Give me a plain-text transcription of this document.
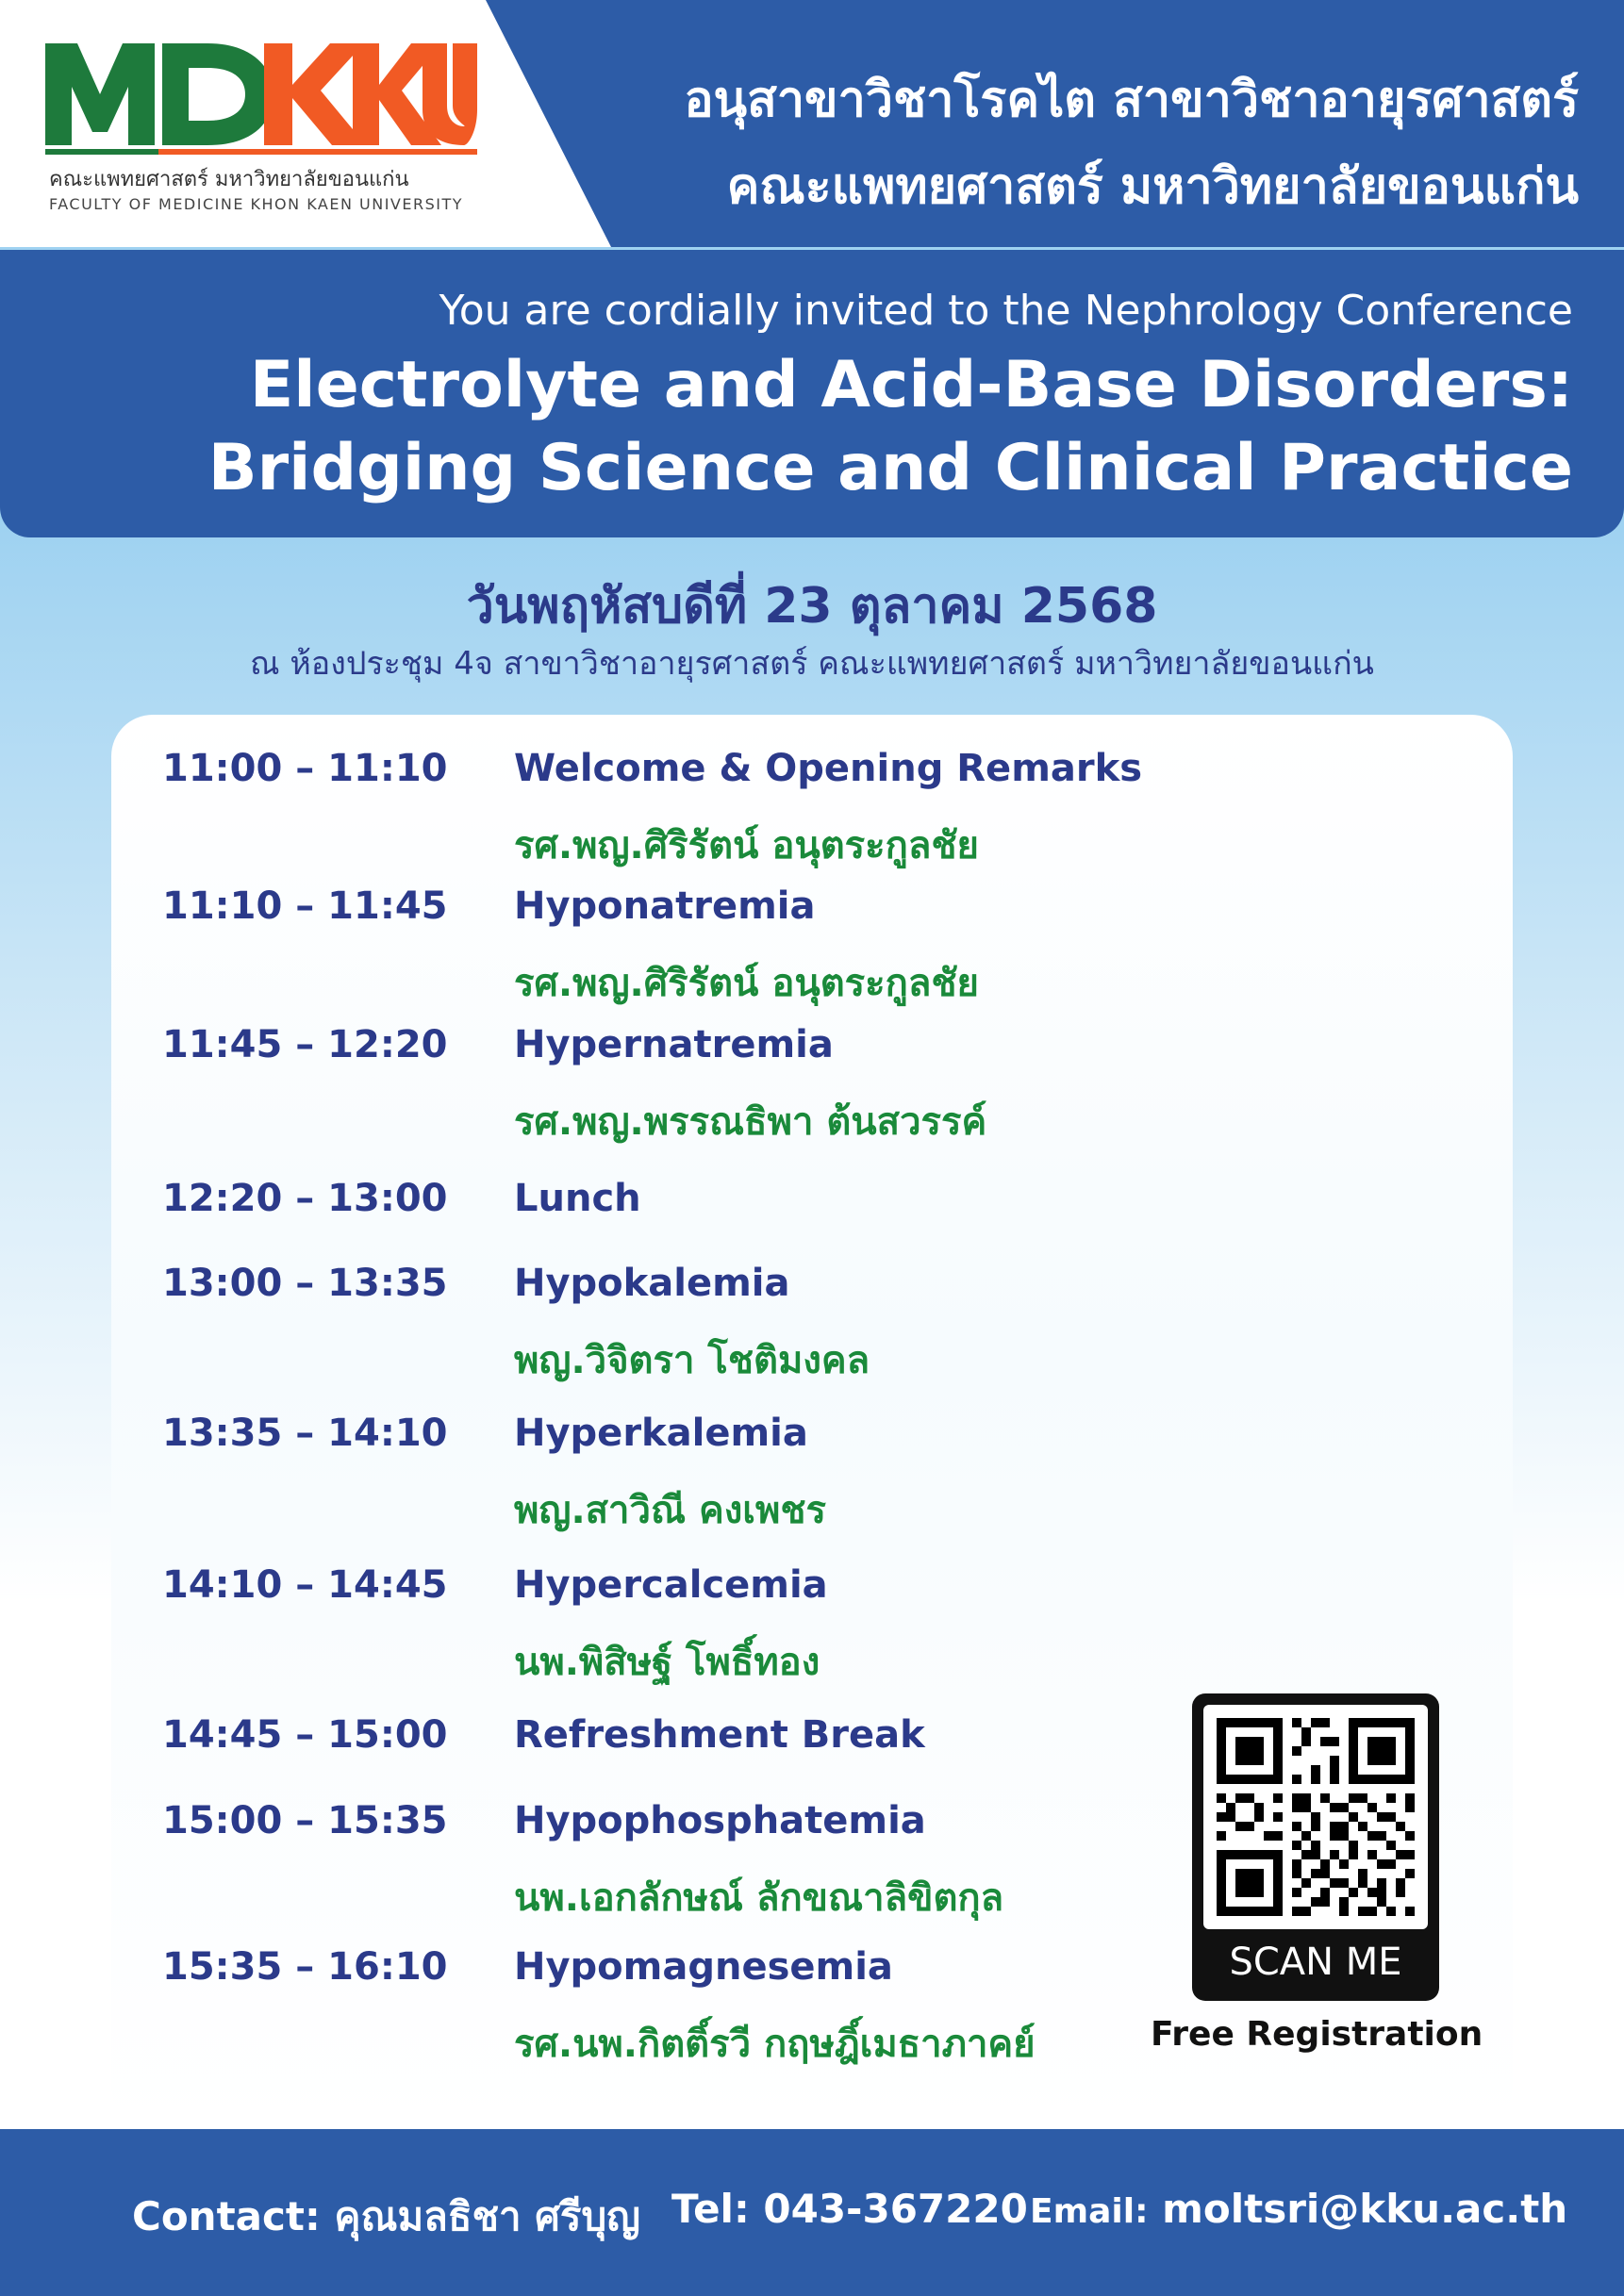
คณะแพทยศาสตร์ มหาวิทยาลัยขอนแก่น
FACULTY OF MEDICINE KHON KAEN UNIVERSITY
อนุสาขาวิชาโรคไต สาขาวิชาอายุรศาสตร์
คณะแพทยศาสตร์ มหาวิทยาลัยขอนแก่น
You are cordially invited to the Nephrology Conference
Electrolyte and Acid-Base Disorders:
Bridging Science and Clinical Practice
วันพฤหัสบดีที่ 23 ตุลาคม 2568
ณ ห้องประชุม 4จ สาขาวิชาอายุรศาสตร์ คณะแพทยศาสตร์ มหาวิทยาลัยขอนแก่น
11:00 – 11:10 Welcome & Opening Remarks
รศ.พญ.ศิริรัตน์ อนุตระกูลชัย
11:10 – 11:45 Hyponatremia
รศ.พญ.ศิริรัตน์ อนุตระกูลชัย
11:45 – 12:20 Hypernatremia
รศ.พญ.พรรณธิพา ต้นสวรรค์
12:20 – 13:00 Lunch
13:00 – 13:35 Hypokalemia
พญ.วิจิตรา โชติมงคล
13:35 – 14:10 Hyperkalemia
พญ.สาวิณี คงเพชร
14:10 – 14:45 Hypercalcemia
นพ.พิสิษฐ์ โพธิ์ทอง
14:45 – 15:00 Refreshment Break
15:00 – 15:35 Hypophosphatemia
นพ.เอกลักษณ์ ลักขณาลิขิตกุล
15:35 – 16:10 Hypomagnesemia
รศ.นพ.กิตติ์รวี กฤษฎิ์เมธาภาคย์
SCAN ME
Free Registration
Contact: คุณมลธิชา ศรีบุญ Tel: 043-367220 Email: moltsri@kku.ac.th
